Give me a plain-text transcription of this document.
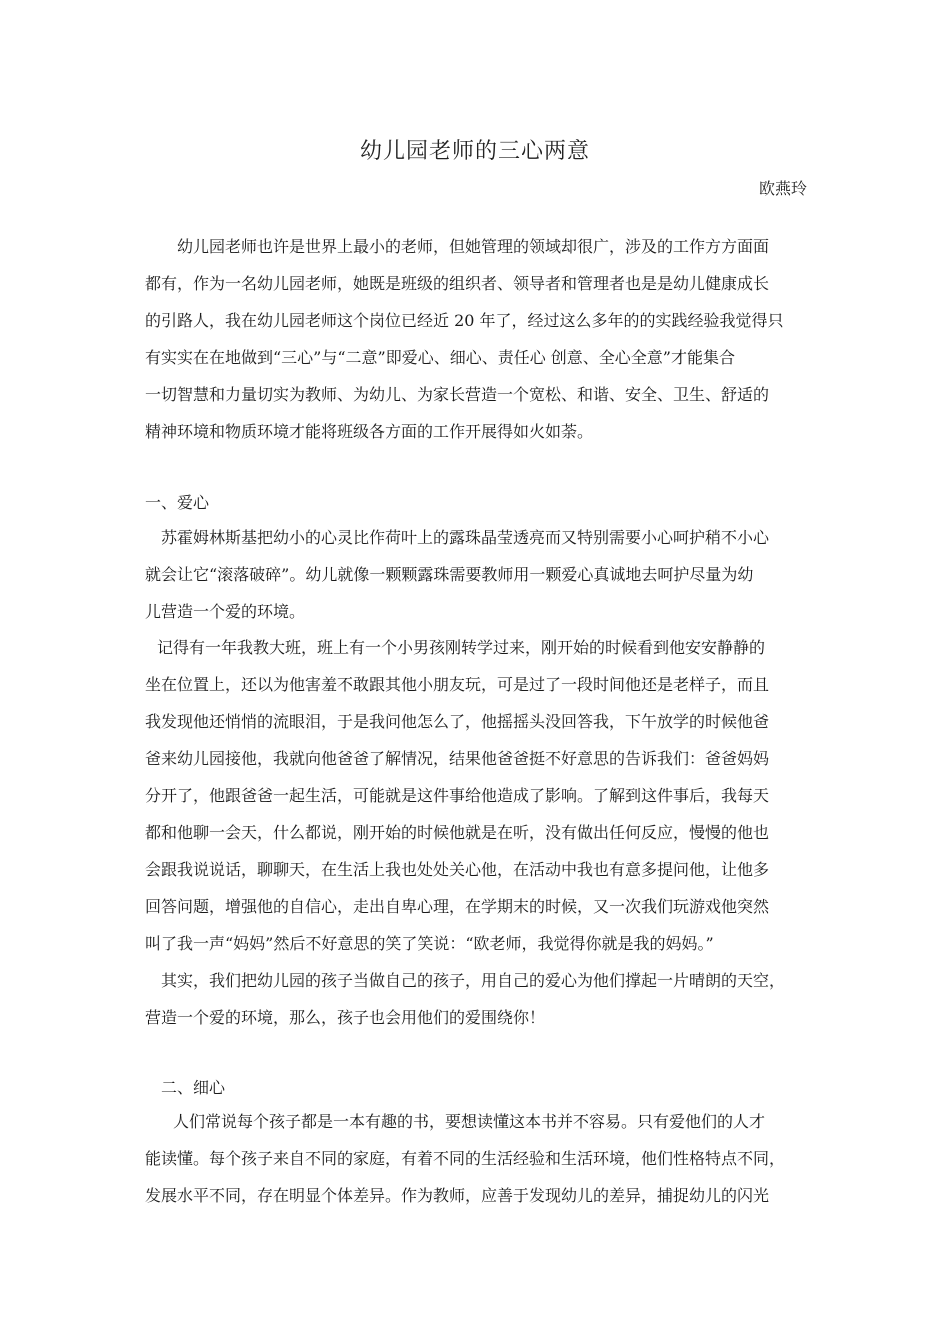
幼儿园老师的三心两意
欧燕玲
幼儿园老师也许是世界上最小的老师，但她管理的领域却很广，涉及的工作方方面面
都有，作为一名幼儿园老师，她既是班级的组织者、领导者和管理者也是是幼儿健康成长
的引路人，我在幼儿园老师这个岗位已经近 20 年了，经过这么多年的的实践经验我觉得只
有实实在在地做到“三心”与“二意”即爱心、细心、责任心 创意、全心全意”才能集合
一切智慧和力量切实为教师、为幼儿、为家长营造一个宽松、和谐、安全、卫生、舒适的
精神环境和物质环境才能将班级各方面的工作开展得如火如荼。
一、爱心
苏霍姆林斯基把幼小的心灵比作荷叶上的露珠晶莹透亮而又特别需要小心呵护稍不小心
就会让它“滚落破碎”。幼儿就像一颗颗露珠需要教师用一颗爱心真诚地去呵护尽量为幼
儿营造一个爱的环境。
记得有一年我教大班，班上有一个小男孩刚转学过来，刚开始的时候看到他安安静静的
坐在位置上，还以为他害羞不敢跟其他小朋友玩，可是过了一段时间他还是老样子，而且
我发现他还悄悄的流眼泪，于是我问他怎么了，他摇摇头没回答我，下午放学的时候他爸
爸来幼儿园接他，我就向他爸爸了解情况，结果他爸爸挺不好意思的告诉我们：爸爸妈妈
分开了，他跟爸爸一起生活，可能就是这件事给他造成了影响。了解到这件事后，我每天
都和他聊一会天，什么都说，刚开始的时候他就是在听，没有做出任何反应，慢慢的他也
会跟我说说话，聊聊天，在生活上我也处处关心他，在活动中我也有意多提问他，让他多
回答问题，增强他的自信心，走出自卑心理，在学期末的时候，又一次我们玩游戏他突然
叫了我一声“妈妈”然后不好意思的笑了笑说：“欧老师，我觉得你就是我的妈妈。”
其实，我们把幼儿园的孩子当做自己的孩子，用自己的爱心为他们撑起一片晴朗的天空，
营造一个爱的环境，那么，孩子也会用他们的爱围绕你！
二、细心
人们常说每个孩子都是一本有趣的书，要想读懂这本书并不容易。只有爱他们的人才
能读懂。每个孩子来自不同的家庭，有着不同的生活经验和生活环境，他们性格特点不同，
发展水平不同，存在明显个体差异。作为教师，应善于发现幼儿的差异，捕捉幼儿的闪光
